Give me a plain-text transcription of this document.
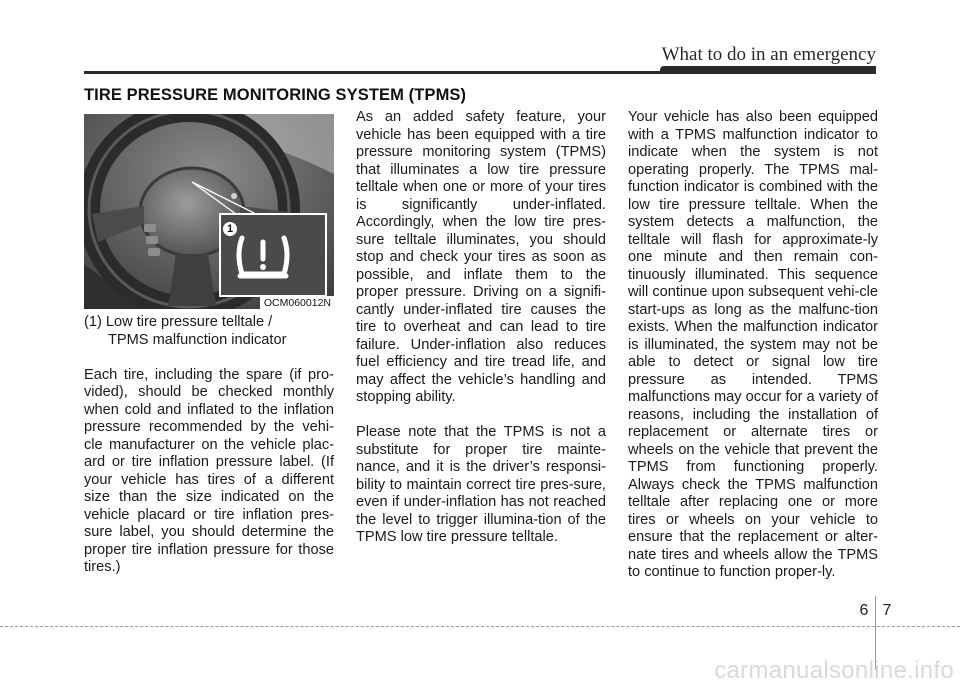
What to do in an emergency
TIRE PRESSURE MONITORING SYSTEM (TPMS)
1
OCM060012N

(1) Low tire pressure telltale /
TPMS malfunction indicator

Each tire, including the spare (if pro-vided), should be checked monthly when cold and inflated to the inflation pressure recommended by the vehi-cle manufacturer on the vehicle plac-ard or tire inflation pressure label. (If your vehicle has tires of a different size than the size indicated on the vehicle placard or tire inflation pres-sure label, you should determine the proper tire inflation pressure for those tires.)

As an added safety feature, your vehicle has been equipped with a tire pressure monitoring system (TPMS) that illuminates a low tire pressure telltale when one or more of your tires is significantly under-inflated. Accordingly, when the low tire pres-sure telltale illuminates, you should stop and check your tires as soon as possible, and inflate them to the proper pressure. Driving on a signifi-cantly under-inflated tire causes the tire to overheat and can lead to tire failure. Under-inflation also reduces fuel efficiency and tire tread life, and may affect the vehicle’s handling and stopping ability.

Please note that the TPMS is not a substitute for proper tire mainte-nance, and it is the driver’s responsi-bility to maintain correct tire pres-sure, even if under-inflation has not reached the level to trigger illumina-tion of the TPMS low tire pressure telltale.

Your vehicle has also been equipped with a TPMS malfunction indicator to indicate when the system is not operating properly. The TPMS mal-function indicator is combined with the low tire pressure telltale. When the system detects a malfunction, the telltale will flash for approximate-ly one minute and then remain con-tinuously illuminated. This sequence will continue upon subsequent vehi-cle start-ups as long as the malfunc-tion exists. When the malfunction indicator is illuminated, the system may not be able to detect or signal low tire pressure as intended. TPMS malfunctions may occur for a variety of reasons, including the installation of replacement or alternate tires or wheels on the vehicle that prevent the TPMS from functioning properly. Always check the TPMS malfunction telltale after replacing one or more tires or wheels on your vehicle to ensure that the replacement or alter-nate tires and wheels allow the TPMS to continue to function proper-ly.

6 7
carmanualsonline.info
